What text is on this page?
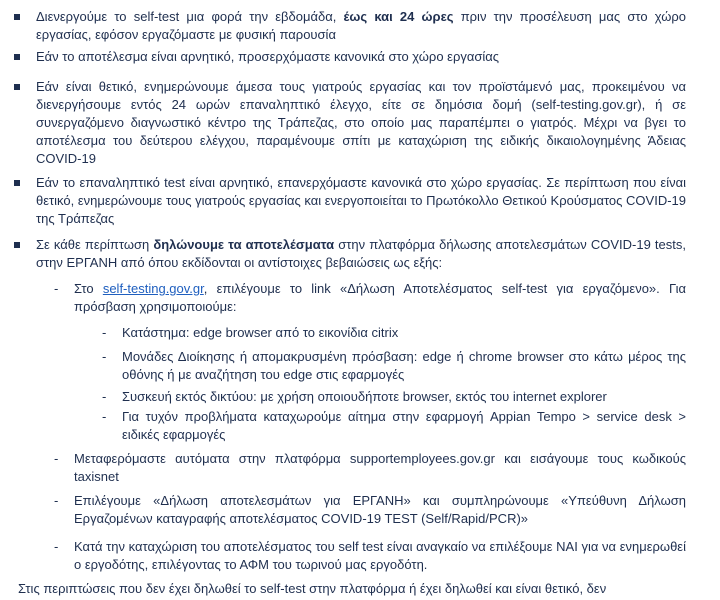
Διενεργούμε το self-test μια φορά την εβδομάδα, έως και 24 ώρες πριν την προσέλευση μας στο χώρο εργασίας, εφόσον εργαζόμαστε με φυσική παρουσία
Εάν το αποτέλεσμα είναι αρνητικό, προσερχόμαστε κανονικά στο χώρο εργασίας
Εάν είναι θετικό, ενημερώνουμε άμεσα τους γιατρούς εργασίας και τον προϊστάμενό μας, προκειμένου να διενεργήσουμε εντός 24 ωρών επαναληπτικό έλεγχο, είτε σε δημόσια δομή (self-testing.gov.gr), ή σε συνεργαζόμενο διαγνωστικό κέντρο της Τράπεζας, στο οποίο μας παραπέμπει ο γιατρός. Μέχρι να βγει το αποτέλεσμα του δεύτερου ελέγχου, παραμένουμε σπίτι με καταχώριση της ειδικής δικαιολογημένης Άδειας COVID-19
Εάν το επαναληπτικό test είναι αρνητικό, επανερχόμαστε κανονικά στο χώρο εργασίας. Σε περίπτωση που είναι θετικό, ενημερώνουμε τους γιατρούς εργασίας και ενεργοποιείται το Πρωτόκολλο Θετικού Κρούσματος COVID-19 της Τράπεζας
Σε κάθε περίπτωση δηλώνουμε τα αποτελέσματα στην πλατφόρμα δήλωσης αποτελεσμάτων COVID-19 tests, στην ΕΡΓΑΝΗ από όπου εκδίδονται οι αντίστοιχες βεβαιώσεις ως εξής:
- Στο self-testing.gov.gr, επιλέγουμε το link «Δήλωση Αποτελέσματος self-test για εργαζόμενο». Για πρόσβαση χρησιμοποιούμε:
- Κατάστημα: edge browser από το εικονίδια citrix
- Μονάδες Διοίκησης ή απομακρυσμένη πρόσβαση: edge ή chrome browser στο κάτω μέρος της οθόνης ή με αναζήτηση του edge στις εφαρμογές
- Συσκευή εκτός δικτύου: με χρήση οποιουδήποτε browser, εκτός του internet explorer
- Για τυχόν προβλήματα καταχωρούμε αίτημα στην εφαρμογή Appian Tempo > service desk > ειδικές εφαρμογές
- Μεταφερόμαστε αυτόματα στην πλατφόρμα supportemployees.gov.gr και εισάγουμε τους κωδικούς taxisnet
- Επιλέγουμε «Δήλωση αποτελεσμάτων για ΕΡΓΑΝΗ» και συμπληρώνουμε «Υπεύθυνη Δήλωση Εργαζομένων καταγραφής αποτελέσματος COVID-19 TEST (Self/Rapid/PCR)»
- Κατά την καταχώριση του αποτελέσματος του self test είναι αναγκαίο να επιλέξουμε ΝΑΙ για να ενημερωθεί ο εργοδότης, επιλέγοντας το ΑΦΜ του τωρινού μας εργοδότη.
Στις περιπτώσεις που δεν έχει δηλωθεί το self-test στην πλατφόρμα ή έχει δηλωθεί και είναι θετικό, δεν
